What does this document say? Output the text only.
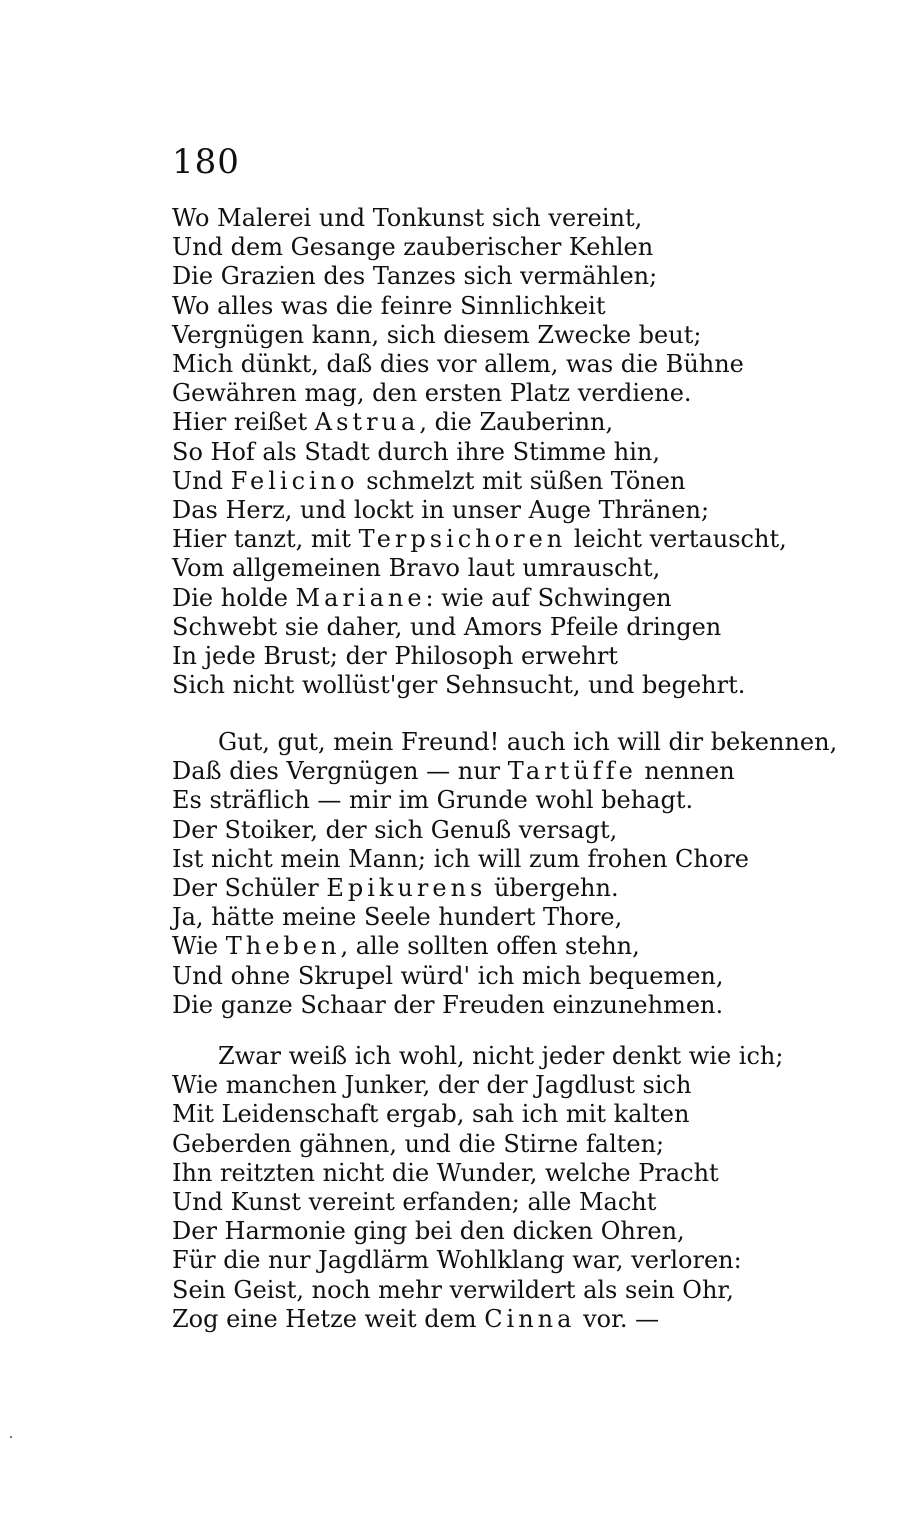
180
Wo Malerei und Tonkunst sich vereint,
Und dem Gesange zauberischer Kehlen
Die Grazien des Tanzes sich vermählen;
Wo alles was die feinre Sinnlichkeit
Vergnügen kann, sich diesem Zwecke beut;
Mich dünkt, daß dies vor allem, was die Bühne
Gewähren mag, den ersten Platz verdiene.
Hier reißet Astrua, die Zauberinn,
So Hof als Stadt durch ihre Stimme hin,
Und Felicino schmelzt mit süßen Tönen
Das Herz, und lockt in unser Auge Thränen;
Hier tanzt, mit Terpsichoren leicht vertauscht,
Vom allgemeinen Bravo laut umrauscht,
Die holde Mariane: wie auf Schwingen
Schwebt sie daher, und Amors Pfeile dringen
In jede Brust; der Philosoph erwehrt
Sich nicht wollüst'ger Sehnsucht, und begehrt.
Gut, gut, mein Freund! auch ich will dir bekennen,
Daß dies Vergnügen — nur Tartüffe nennen
Es sträflich — mir im Grunde wohl behagt.
Der Stoiker, der sich Genuß versagt,
Ist nicht mein Mann; ich will zum frohen Chore
Der Schüler Epikurens übergehn.
Ja, hätte meine Seele hundert Thore,
Wie Theben, alle sollten offen stehn,
Und ohne Skrupel würd' ich mich bequemen,
Die ganze Schaar der Freuden einzunehmen.
Zwar weiß ich wohl, nicht jeder denkt wie ich;
Wie manchen Junker, der der Jagdlust sich
Mit Leidenschaft ergab, sah ich mit kalten
Geberden gähnen, und die Stirne falten;
Ihn reitzten nicht die Wunder, welche Pracht
Und Kunst vereint erfanden; alle Macht
Der Harmonie ging bei den dicken Ohren,
Für die nur Jagdlärm Wohlklang war, verloren:
Sein Geist, noch mehr verwildert als sein Ohr,
Zog eine Hetze weit dem Cinna vor. —
